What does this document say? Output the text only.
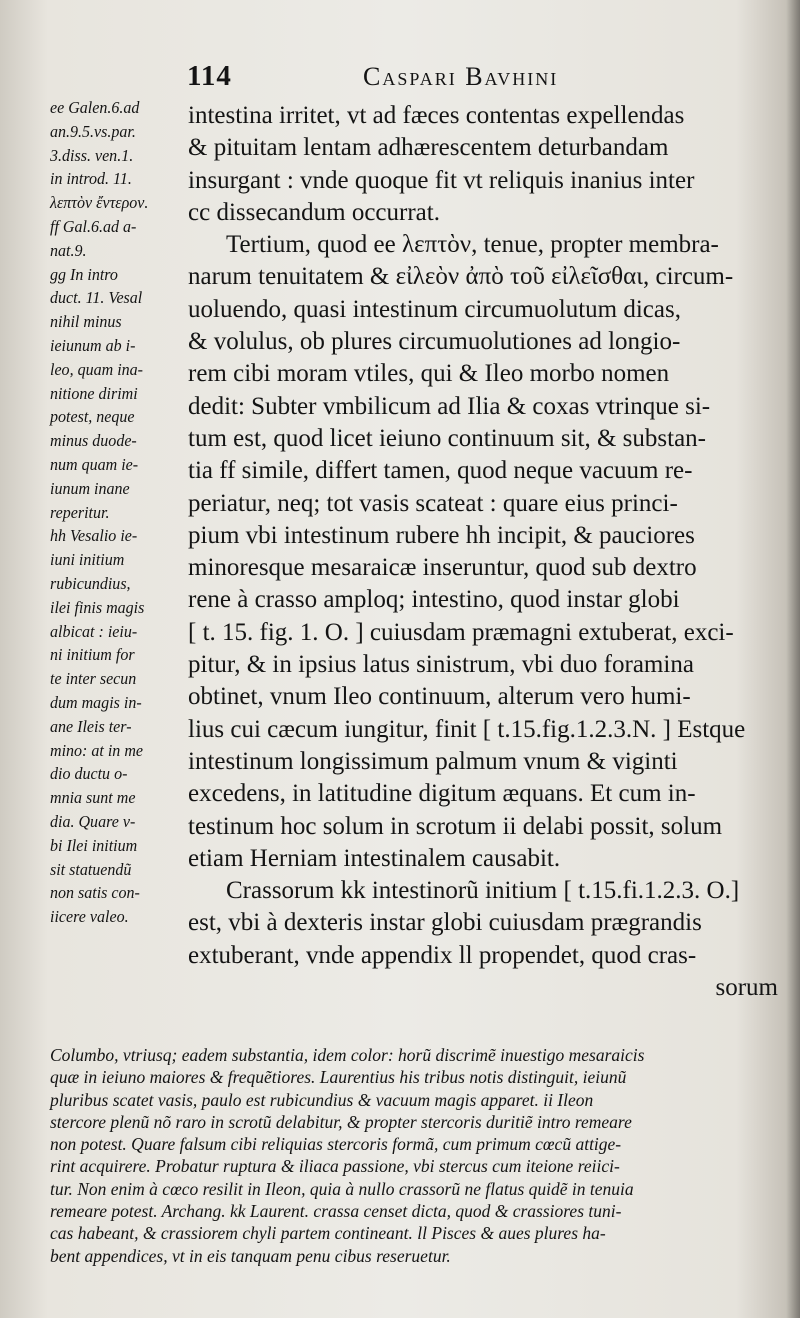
114	Caspari Bavhini
ee Galen.6.ad
an.9.5.vs.par.
3.diss. ven.1.
in introd. 11.
λεπτὸν ἔντερον.
ff Gal.6.ad a-
nat.9.
gg In intro
duct. 11. Vesal
nihil minus
ieiunum ab i-
leo, quam ina-
nitione dirimi
potest, neque
minus duode-
num quam ie-
iunum inane
reperitur.
hh Vesalio ie-
iuni initium
rubicundius,
ilei finis magis
albicat : ieiu-
ni initium for
te inter secun
dum magis in-
ane Ileis ter-
mino: at in me
dio ductu o-
mnia sunt me
dia. Quare v-
bi Ilei initium
sit statuendũ
non satis con-
iicere valeo.
intestina irritet, vt ad fæces contentas expellendas
& pituitam lentam adhærescentem deturbandam
insurgant : vnde quoque fit vt reliquis inanius inter
cc dissecandum occurrat.
Tertium, quod ee λεπτὸν, tenue, propter membra-
narum tenuitatem & εἰλεὸν ἀπὸ τοῦ εἰλεῖσθαι, circum-
uoluendo, quasi intestinum circumuolutum dicas,
& volulus, ob plures circumuolutiones ad longio-
rem cibi moram vtiles, qui & Ileo morbo nomen
dedit: Subter vmbilicum ad Ilia & coxas vtrinque si-
tum est, quod licet ieiuno continuum sit, & substan-
tia ff simile, differt tamen, quod neque vacuum re-
periatur, neq; tot vasis scateat : quare eius princi-
pium vbi intestinum rubere hh incipit, & pauciores
minoresque mesaraicæ inseruntur, quod sub dextro
rene à crasso amploq; intestino, quod instar globi
[ t. 15. fig. 1. O. ] cuiusdam præmagni extuberat, exci-
pitur, & in ipsius latus sinistrum, vbi duo foramina
obtinet, vnum Ileo continuum, alterum vero humi-
lius cui cæcum iungitur, finit [ t.15.fig.1.2.3.N. ] Estque
intestinum longissimum palmum vnum & viginti
excedens, in latitudine digitum æquans. Et cum in-
testinum hoc solum in scrotum ii delabi possit, solum
etiam Herniam intestinalem causabit.
Crassorum kk intestinorũ initium [ t.15.fi.1.2.3. O.]
est, vbi à dexteris instar globi cuiusdam prægrandis
extuberant, vnde appendix ll propendet, quod cras-
sorum
Columbo, vtriusq; eadem substantia, idem color: horũ discrimẽ inuestigo mesaraicis
quæ in ieiuno maiores & frequẽtiores. Laurentius his tribus notis distinguit, ieiunũ
pluribus scatet vasis, paulo est rubicundius & vacuum magis apparet. ii Ileon
stercore plenũ nõ raro in scrotũ delabitur, & propter stercoris duritiẽ intro remeare
non potest. Quare falsum cibi reliquias stercoris formã, cum primum cœcũ attige-
rint acquirere. Probatur ruptura & iliaca passione, vbi stercus cum iteione reiici-
tur. Non enim à cœco resilit in Ileon, quia à nullo crassorũ ne flatus quidẽ in tenuia
remeare potest. Archang. kk Laurent. crassa censet dicta, quod & crassiores tuni-
cas habeant, & crassiorem chyli partem contineant. ll Pisces & aues plures ha-
bent appendices, vt in eis tanquam penu cibus reseruetur.
